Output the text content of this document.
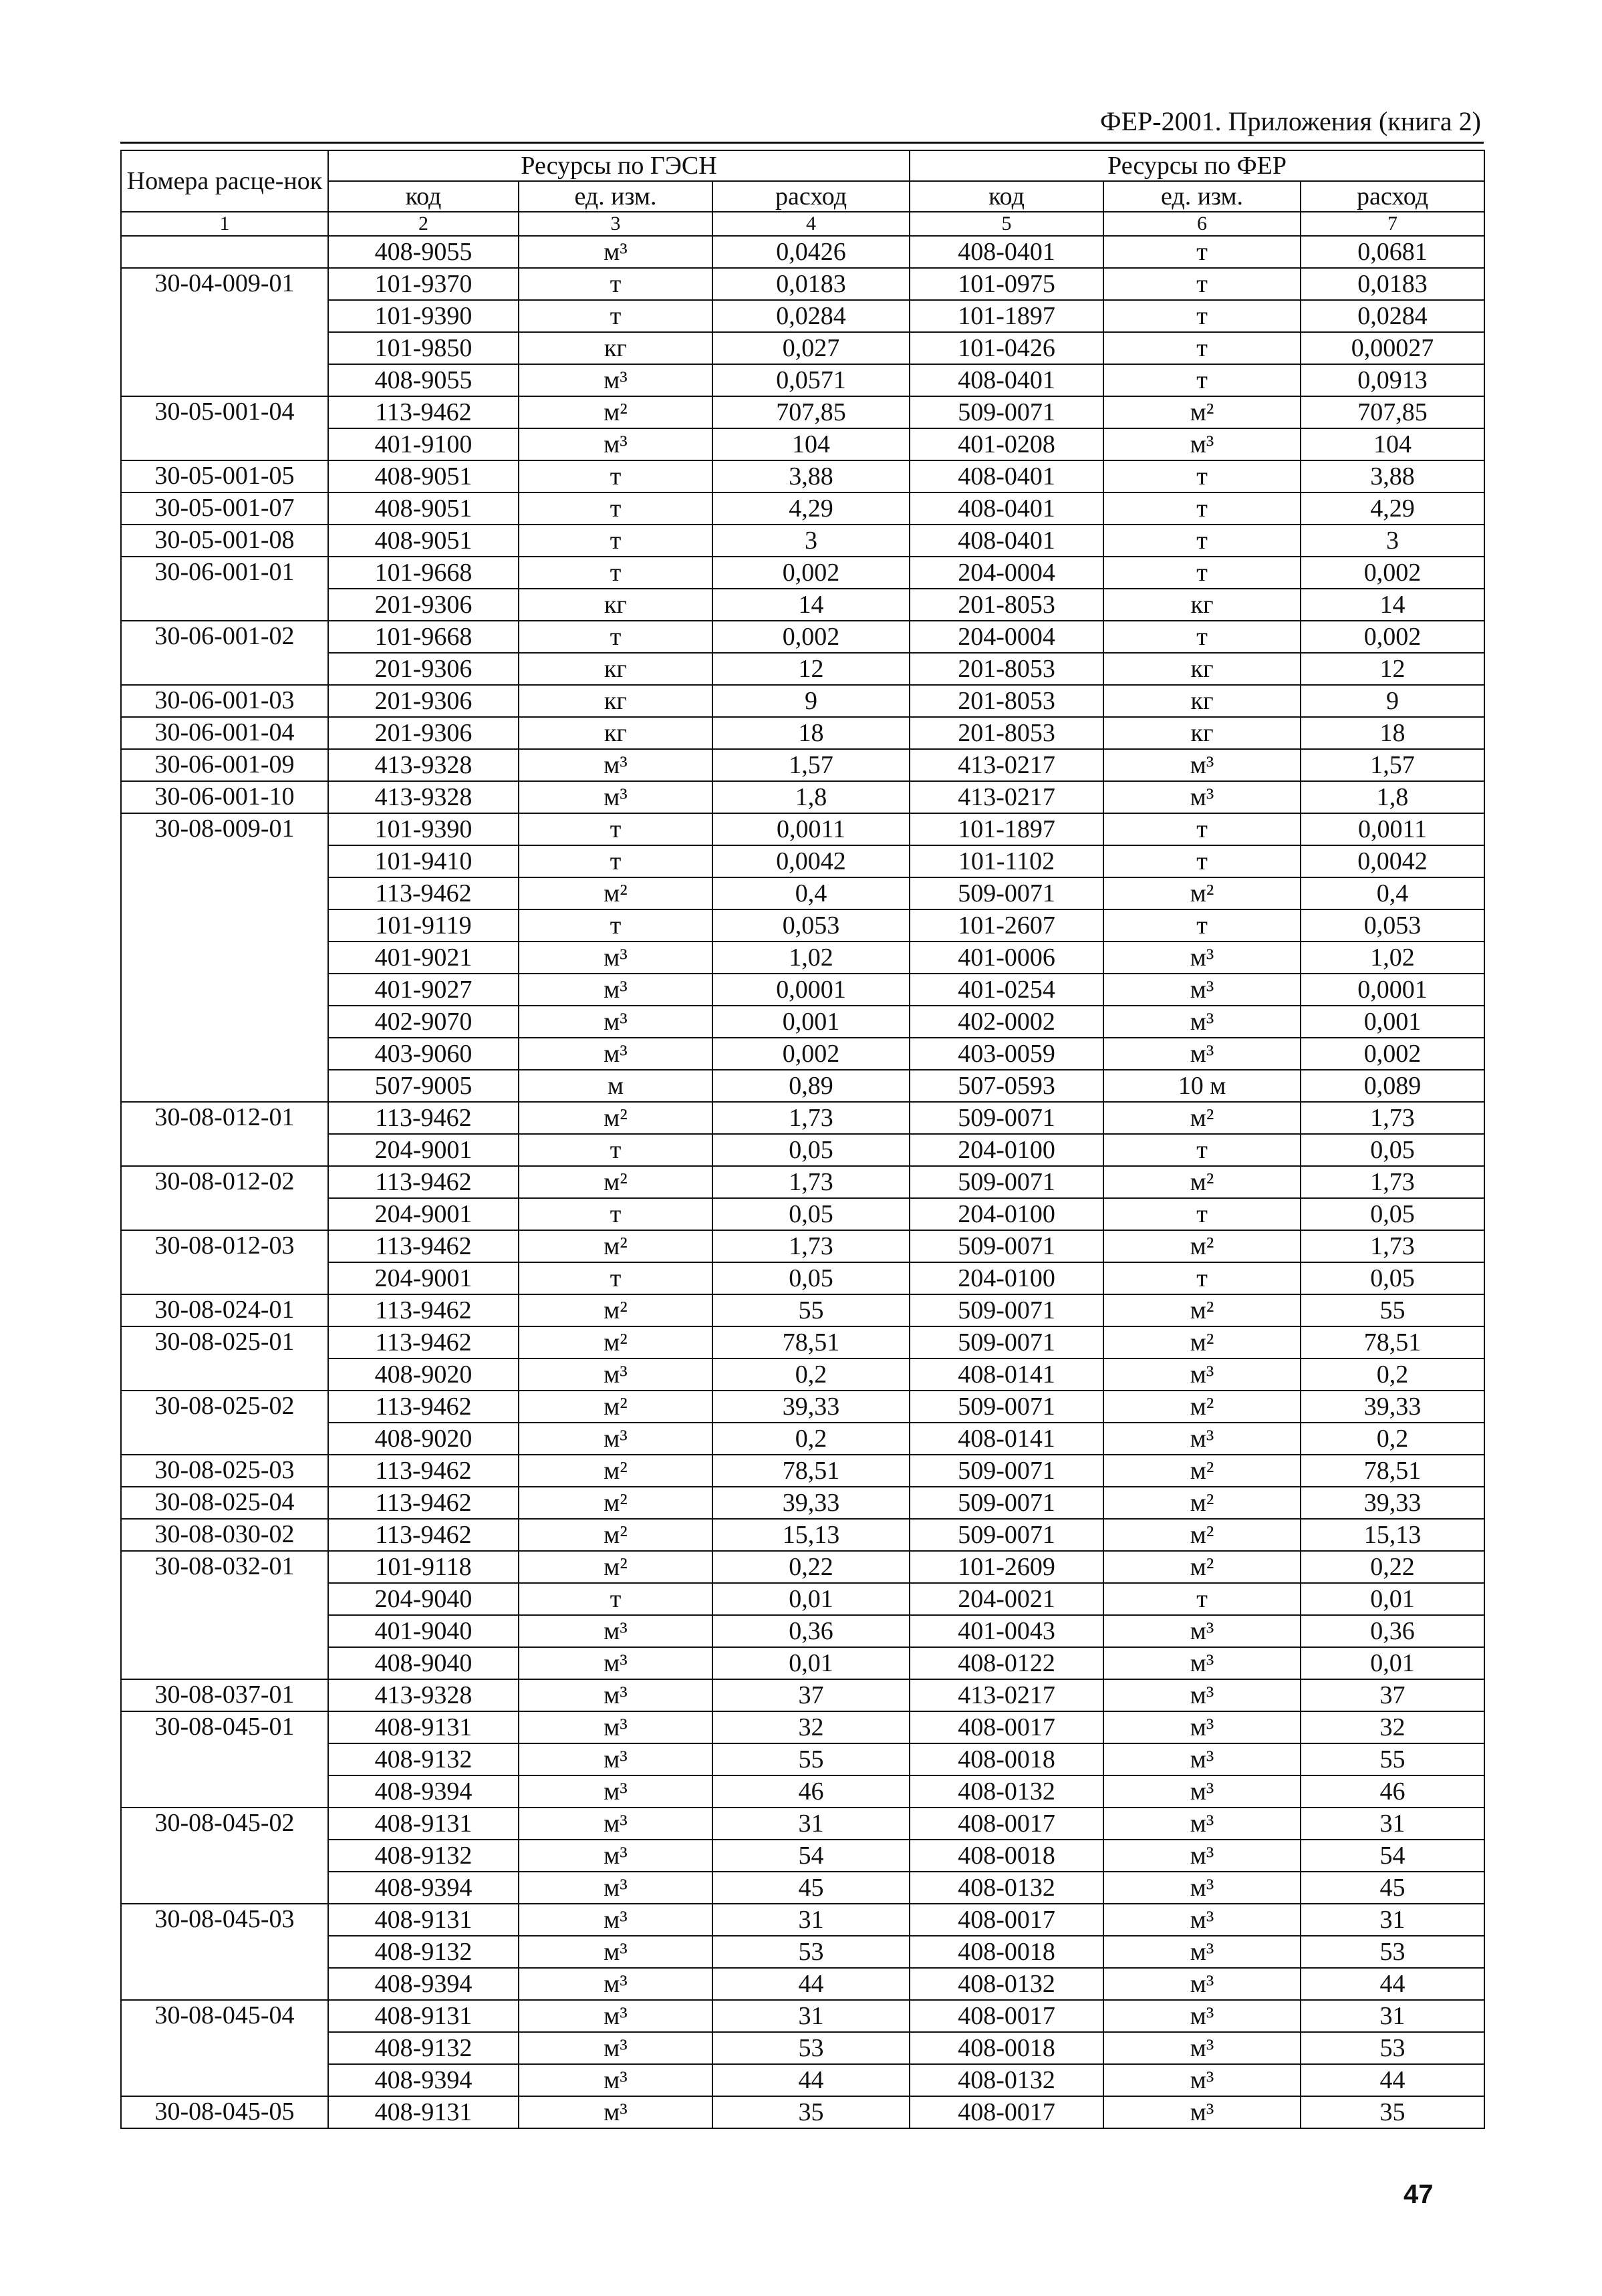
ФЕР-2001. Приложения (книга 2)
Номера расце-нок	Ресурсы по ГЭСН			Ресурсы по ФЕР		
	код	ед. изм.	расход	код	ед. изм.	расход
1	2	3	4	5	6	7
	408-9055	м³	0,0426	408-0401	т	0,0681
30-04-009-01	101-9370	т	0,0183	101-0975	т	0,0183
	101-9390	т	0,0284	101-1897	т	0,0284
	101-9850	кг	0,027	101-0426	т	0,00027
	408-9055	м³	0,0571	408-0401	т	0,0913
30-05-001-04	113-9462	м²	707,85	509-0071	м²	707,85
	401-9100	м³	104	401-0208	м³	104
30-05-001-05	408-9051	т	3,88	408-0401	т	3,88
30-05-001-07	408-9051	т	4,29	408-0401	т	4,29
30-05-001-08	408-9051	т	3	408-0401	т	3
30-06-001-01	101-9668	т	0,002	204-0004	т	0,002
	201-9306	кг	14	201-8053	кг	14
30-06-001-02	101-9668	т	0,002	204-0004	т	0,002
	201-9306	кг	12	201-8053	кг	12
30-06-001-03	201-9306	кг	9	201-8053	кг	9
30-06-001-04	201-9306	кг	18	201-8053	кг	18
30-06-001-09	413-9328	м³	1,57	413-0217	м³	1,57
30-06-001-10	413-9328	м³	1,8	413-0217	м³	1,8
30-08-009-01	101-9390	т	0,0011	101-1897	т	0,0011
	101-9410	т	0,0042	101-1102	т	0,0042
	113-9462	м²	0,4	509-0071	м²	0,4
	101-9119	т	0,053	101-2607	т	0,053
	401-9021	м³	1,02	401-0006	м³	1,02
	401-9027	м³	0,0001	401-0254	м³	0,0001
	402-9070	м³	0,001	402-0002	м³	0,001
	403-9060	м³	0,002	403-0059	м³	0,002
	507-9005	м	0,89	507-0593	10 м	0,089
30-08-012-01	113-9462	м²	1,73	509-0071	м²	1,73
	204-9001	т	0,05	204-0100	т	0,05
30-08-012-02	113-9462	м²	1,73	509-0071	м²	1,73
	204-9001	т	0,05	204-0100	т	0,05
30-08-012-03	113-9462	м²	1,73	509-0071	м²	1,73
	204-9001	т	0,05	204-0100	т	0,05
30-08-024-01	113-9462	м²	55	509-0071	м²	55
30-08-025-01	113-9462	м²	78,51	509-0071	м²	78,51
	408-9020	м³	0,2	408-0141	м³	0,2
30-08-025-02	113-9462	м²	39,33	509-0071	м²	39,33
	408-9020	м³	0,2	408-0141	м³	0,2
30-08-025-03	113-9462	м²	78,51	509-0071	м²	78,51
30-08-025-04	113-9462	м²	39,33	509-0071	м²	39,33
30-08-030-02	113-9462	м²	15,13	509-0071	м²	15,13
30-08-032-01	101-9118	м²	0,22	101-2609	м²	0,22
	204-9040	т	0,01	204-0021	т	0,01
	401-9040	м³	0,36	401-0043	м³	0,36
	408-9040	м³	0,01	408-0122	м³	0,01
30-08-037-01	413-9328	м³	37	413-0217	м³	37
30-08-045-01	408-9131	м³	32	408-0017	м³	32
	408-9132	м³	55	408-0018	м³	55
	408-9394	м³	46	408-0132	м³	46
30-08-045-02	408-9131	м³	31	408-0017	м³	31
	408-9132	м³	54	408-0018	м³	54
	408-9394	м³	45	408-0132	м³	45
30-08-045-03	408-9131	м³	31	408-0017	м³	31
	408-9132	м³	53	408-0018	м³	53
	408-9394	м³	44	408-0132	м³	44
30-08-045-04	408-9131	м³	31	408-0017	м³	31
	408-9132	м³	53	408-0018	м³	53
	408-9394	м³	44	408-0132	м³	44
30-08-045-05	408-9131	м³	35	408-0017	м³	35
47
